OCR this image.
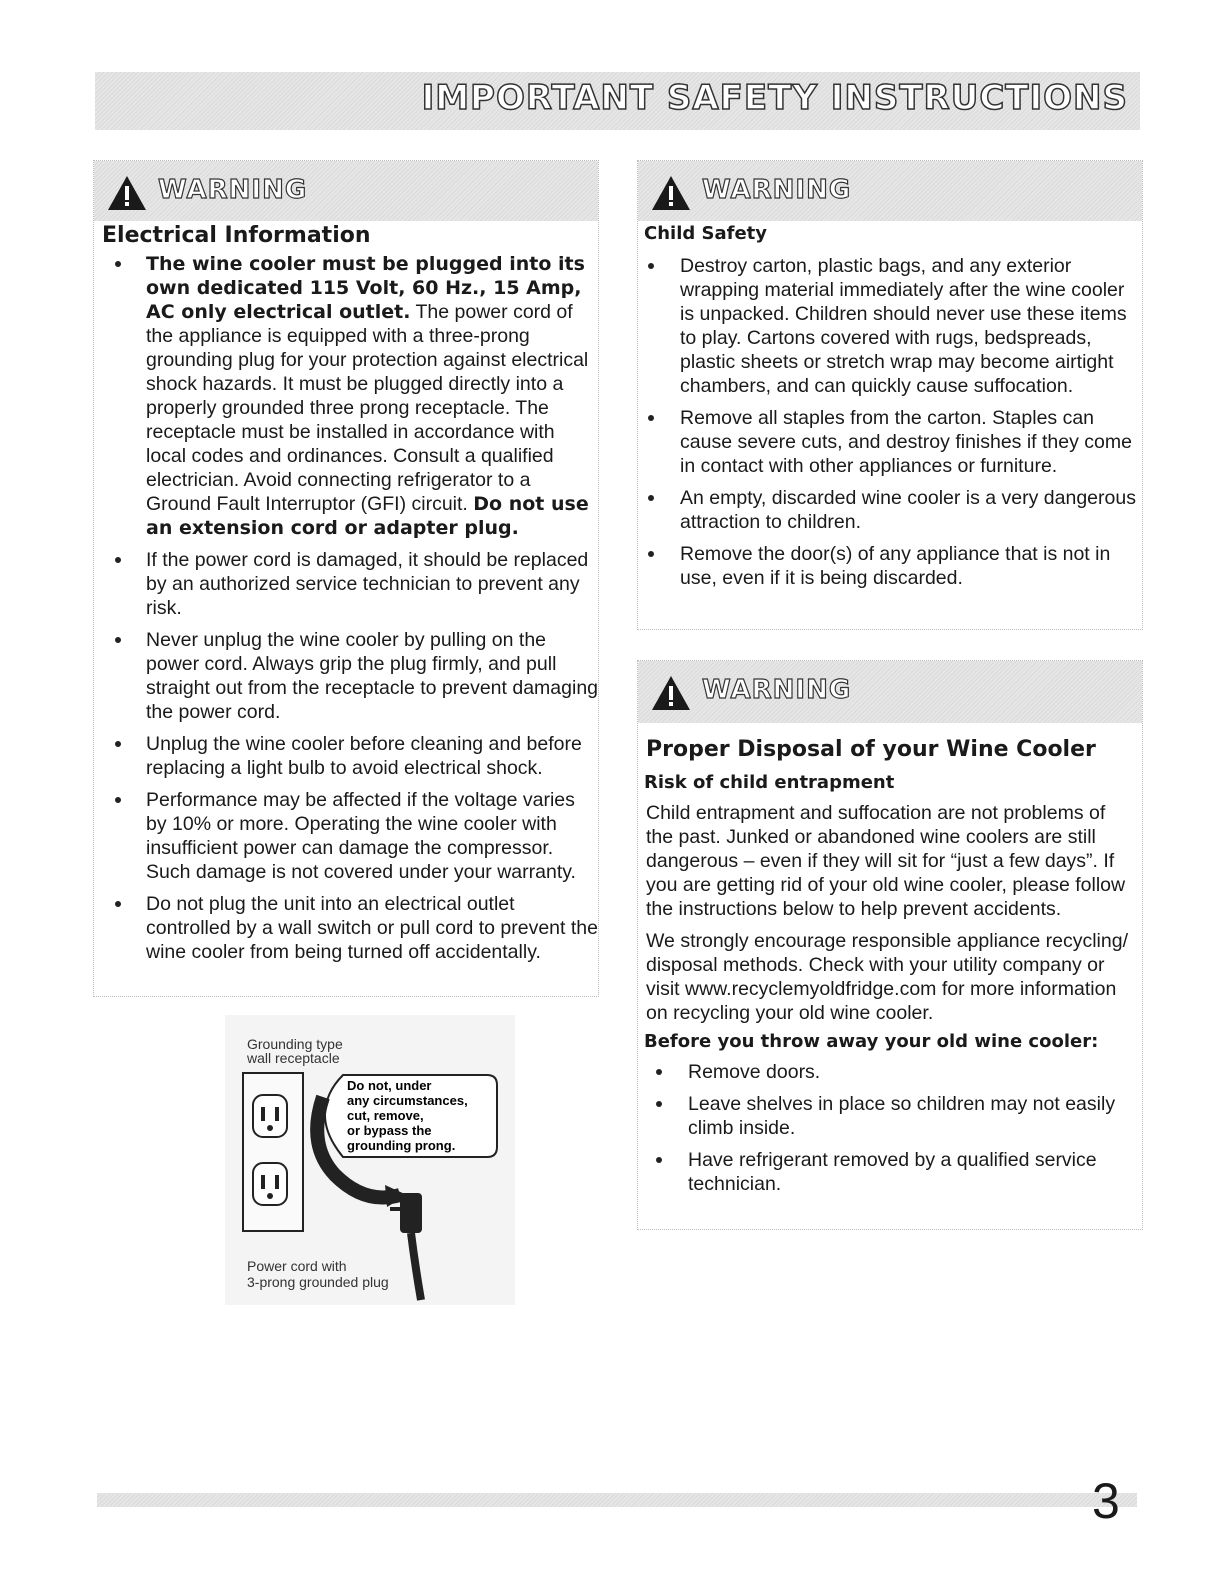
IMPORTANT SAFETY INSTRUCTIONS
WARNING
Electrical Information
The wine cooler must be plugged into its own dedicated 115 Volt, 60 Hz., 15 Amp, AC only electrical outlet. The power cord of the appliance is equipped with a three-prong grounding plug for your protection against electrical shock hazards. It must be plugged directly into a properly grounded three prong receptacle. The receptacle must be installed in accordance with local codes and ordinances. Consult a qualified electrician. Avoid connecting refrigerator to a Ground Fault Interruptor (GFI) circuit. Do not use an extension cord or adapter plug.
If the power cord is damaged, it should be replaced by an authorized service technician to prevent any risk.
Never unplug the wine cooler by pulling on the power cord. Always grip the plug firmly, and pull straight out from the receptacle to prevent damaging the power cord.
Unplug the wine cooler before cleaning and before replacing a light bulb to avoid electrical shock.
Performance may be affected if the voltage varies by 10% or more. Operating the wine cooler with insufficient power can damage the compressor. Such damage is not covered under your warranty.
Do not plug the unit into an electrical outlet controlled by a wall switch or pull cord to prevent the wine cooler from being turned off accidentally.
Grounding type
wall receptacle
Do not, under
any circumstances,
cut, remove,
or bypass the
grounding prong.
Power cord with
3-prong grounded plug
WARNING
Child Safety
Destroy carton, plastic bags, and any exterior wrapping material immediately after the wine cooler is unpacked. Children should never use these items to play. Cartons covered with rugs, bedspreads, plastic sheets or stretch wrap may become airtight chambers, and can quickly cause suffocation.
Remove all staples from the carton. Staples can cause severe cuts, and destroy finishes if they come in contact with other appliances or furniture.
An empty, discarded wine cooler is a very dangerous attraction to children.
Remove the door(s) of any appliance that is not in use, even if it is being discarded.
WARNING
Proper Disposal of your Wine Cooler
Risk of child entrapment
Child entrapment and suffocation are not problems of the past. Junked or abandoned wine coolers are still dangerous – even if they will sit for “just a few days”. If you are getting rid of your old wine cooler, please follow the instructions below to help prevent accidents.
We strongly encourage responsible appliance recycling/ disposal methods. Check with your utility company or visit www.recyclemyoldfridge.com for more information on recycling your old wine cooler.
Before you throw away your old wine cooler:
Remove doors.
Leave shelves in place so children may not easily climb inside.
Have refrigerant removed by a qualified service technician.
3
